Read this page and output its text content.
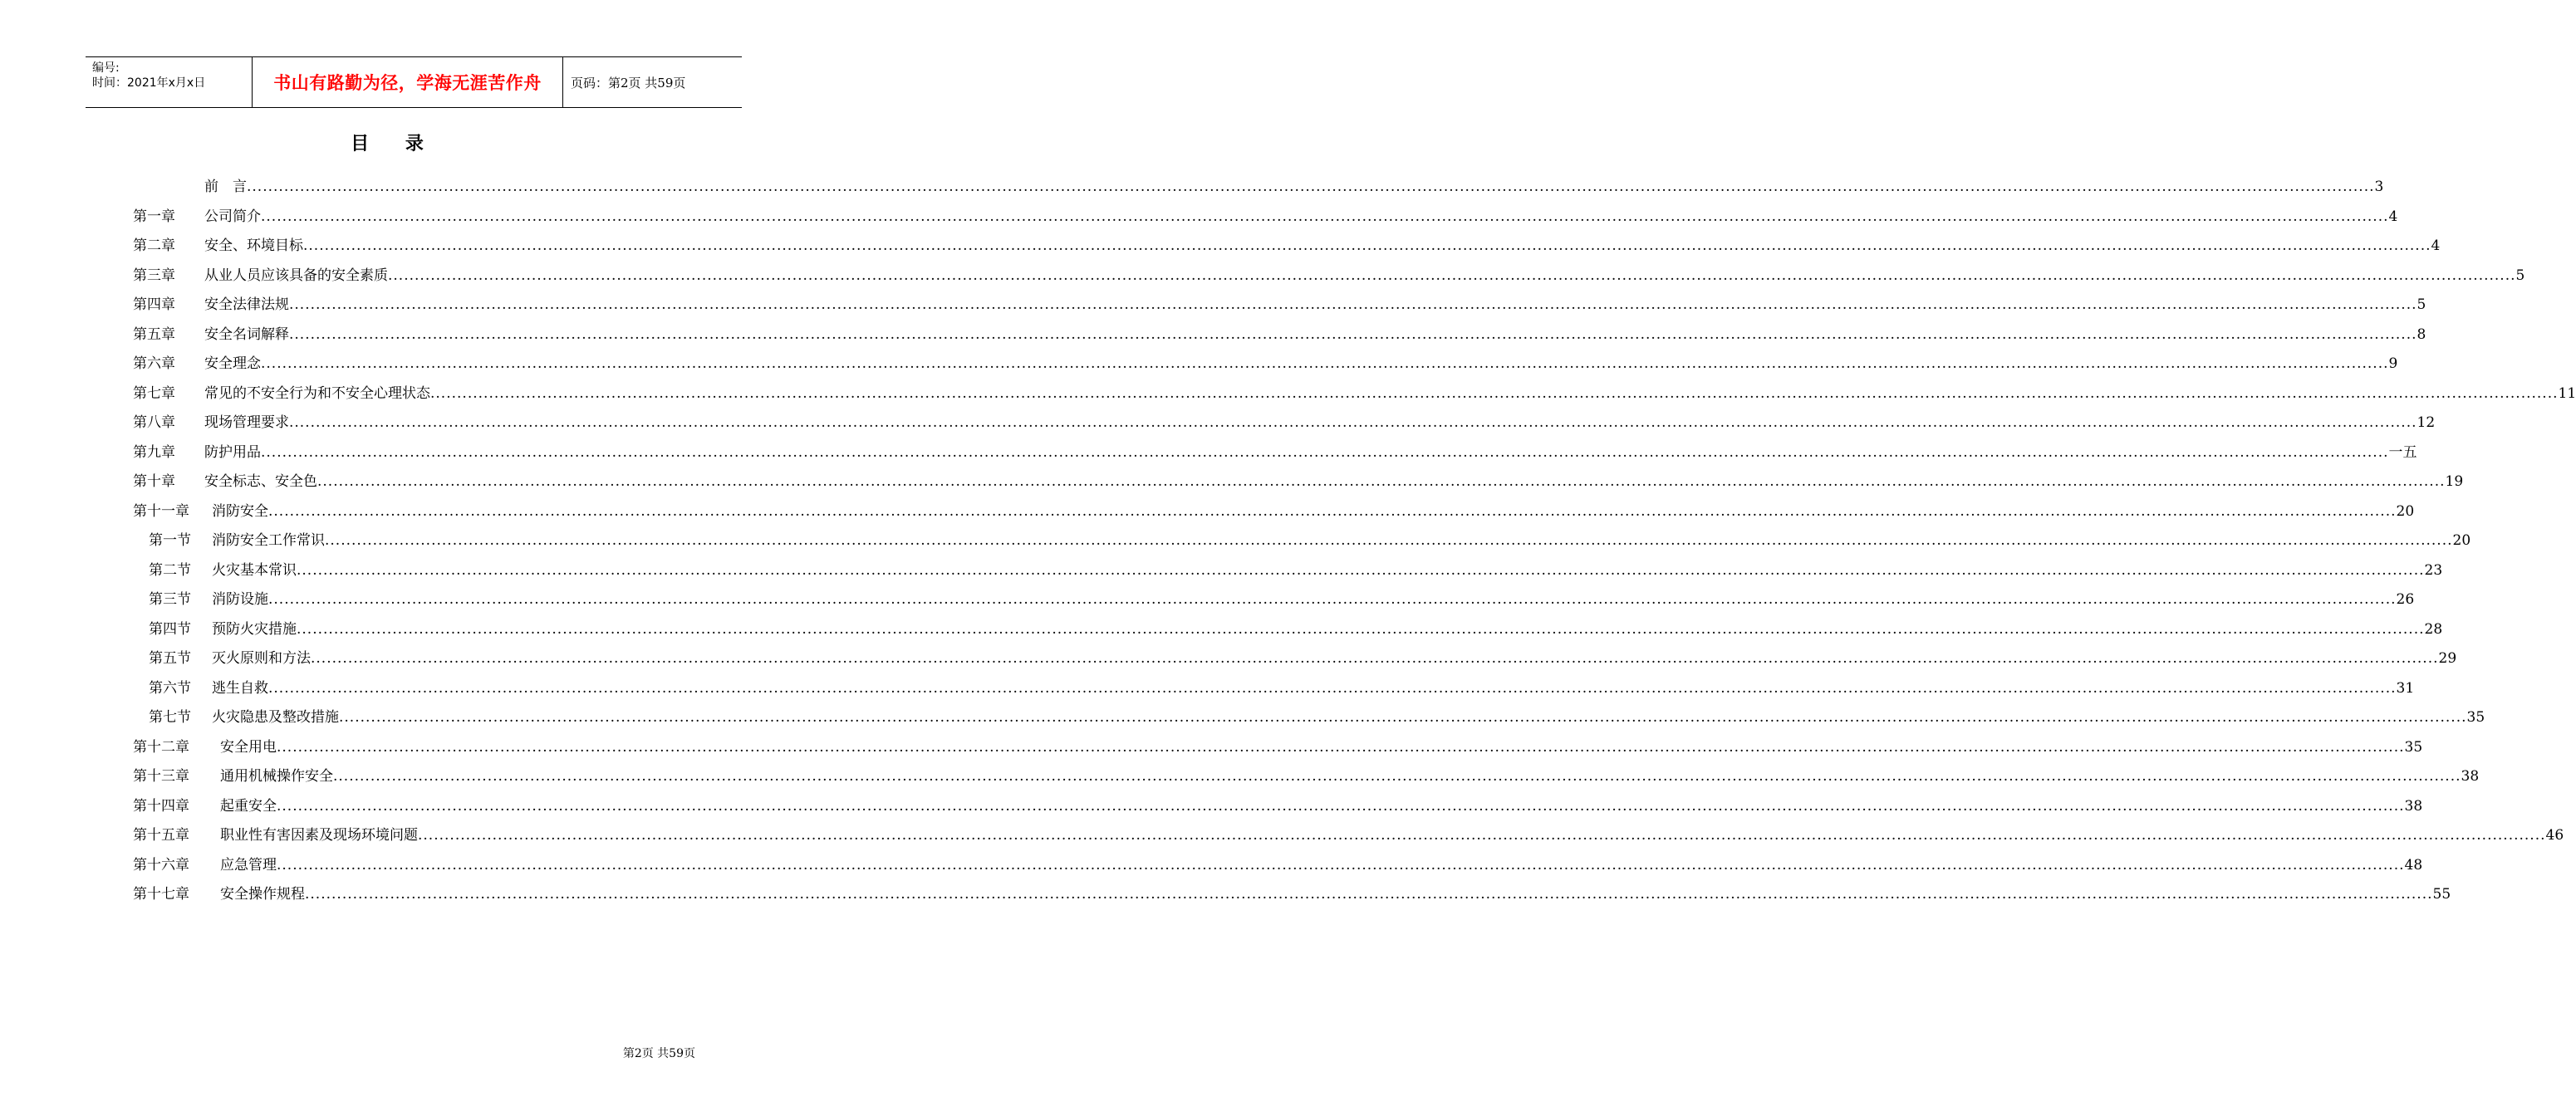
编号:
时间：2021年x月x日	书山有路勤为径，学海无涯苦作舟 页码：第2页 共59页
目 录
前　言 ................................................................................................................................................................................................................................................................................................................................................................................................................ 3
第一章 公司简介 ................................................................................................................................................................................................................................................................................................................................................................................................................ 4
第二章 安全、环境目标 ................................................................................................................................................................................................................................................................................................................................................................................................................ 4
第三章 从业人员应该具备的安全素质 ................................................................................................................................................................................................................................................................................................................................................................................................................ 5
第四章 安全法律法规 ................................................................................................................................................................................................................................................................................................................................................................................................................ 5
第五章 安全名词解释 ................................................................................................................................................................................................................................................................................................................................................................................................................ 8
第六章 安全理念 ................................................................................................................................................................................................................................................................................................................................................................................................................ 9
第七章 常见的不安全行为和不安全心理状态 ................................................................................................................................................................................................................................................................................................................................................................................................................ 11
第八章 现场管理要求 ................................................................................................................................................................................................................................................................................................................................................................................................................ 12
第九章 防护用品 ................................................................................................................................................................................................................................................................................................................................................................................................................ 一五
第十章 安全标志、安全色 ................................................................................................................................................................................................................................................................................................................................................................................................................ 19
第十一章 消防安全 ................................................................................................................................................................................................................................................................................................................................................................................................................ 20
第一节 消防安全工作常识 ................................................................................................................................................................................................................................................................................................................................................................................................................ 20
第二节 火灾基本常识 ................................................................................................................................................................................................................................................................................................................................................................................................................ 23
第三节 消防设施 ................................................................................................................................................................................................................................................................................................................................................................................................................ 26
第四节 预防火灾措施 ................................................................................................................................................................................................................................................................................................................................................................................................................ 28
第五节 灭火原则和方法 ................................................................................................................................................................................................................................................................................................................................................................................................................ 29
第六节 逃生自救 ................................................................................................................................................................................................................................................................................................................................................................................................................ 31
第七节 火灾隐患及整改措施 ................................................................................................................................................................................................................................................................................................................................................................................................................ 35
第十二章 安全用电 ................................................................................................................................................................................................................................................................................................................................................................................................................ 35
第十三章 通用机械操作安全 ................................................................................................................................................................................................................................................................................................................................................................................................................ 38
第十四章 起重安全 ................................................................................................................................................................................................................................................................................................................................................................................................................ 38
第十五章 职业性有害因素及现场环境问题 ................................................................................................................................................................................................................................................................................................................................................................................................................ 46
第十六章 应急管理 ................................................................................................................................................................................................................................................................................................................................................................................................................ 48
第十七章 安全操作规程 ................................................................................................................................................................................................................................................................................................................................................................................................................ 55
第2页 共59页
